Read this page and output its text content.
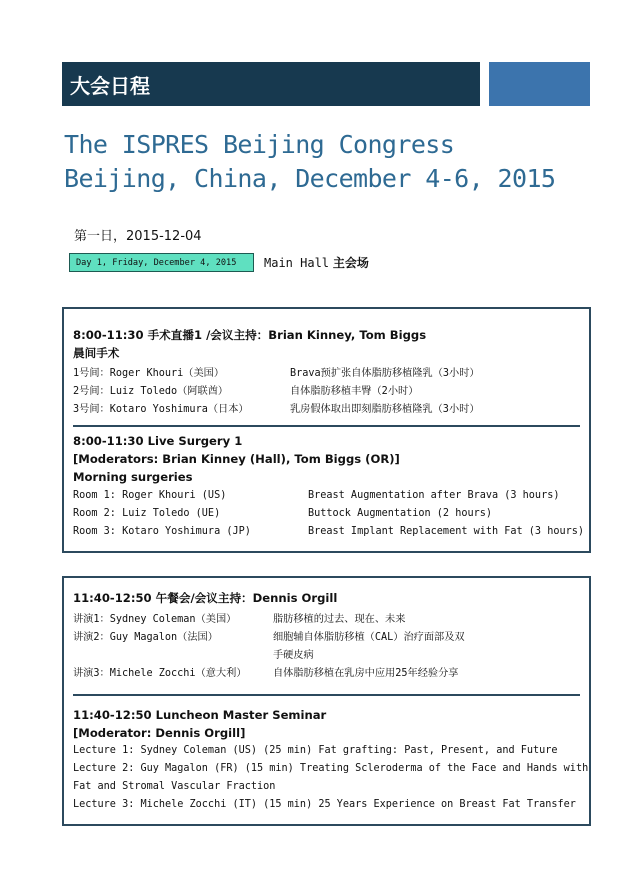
大会日程
The ISPRES Beijing Congress
Beijing, China, December 4-6, 2015
第一日，2015-12-04
Day 1, Friday, December 4, 2015	Main Hall 主会场
8:00-11:30 手术直播1 /会议主持：Brian Kinney, Tom Biggs
晨间手术
1号间：Roger Khouri（美国）	Brava预扩张自体脂肪移植隆乳（3小时）
2号间：Luiz Toledo（阿联酋）	自体脂肪移植丰臀（2小时）
3号间：Kotaro Yoshimura（日本）	乳房假体取出即刻脂肪移植隆乳（3小时）
8:00-11:30 Live Surgery 1
[Moderators: Brian Kinney (Hall), Tom Biggs (OR)]
Morning surgeries
Room 1: Roger Khouri (US)	Breast Augmentation after Brava (3 hours)
Room 2: Luiz Toledo (UE)	Buttock Augmentation (2 hours)
Room 3: Kotaro Yoshimura (JP)	Breast Implant Replacement with Fat (3 hours)
11:40-12:50 午餐会/会议主持：Dennis Orgill
讲演1：Sydney Coleman（美国）	脂肪移植的过去、现在、未来
讲演2：Guy Magalon（法国）	细胞辅自体脂肪移植（CAL）治疗面部及双
手硬皮病
讲演3：Michele Zocchi（意大利）	自体脂肪移植在乳房中应用25年经验分享
11:40-12:50 Luncheon Master Seminar
[Moderator: Dennis Orgill]
Lecture 1: Sydney Coleman (US) (25 min) Fat grafting: Past, Present, and Future
Lecture 2: Guy Magalon (FR) (15 min) Treating Scleroderma of the Face and Hands with
Fat and Stromal Vascular Fraction
Lecture 3: Michele Zocchi (IT) (15 min) 25 Years Experience on Breast Fat Transfer
